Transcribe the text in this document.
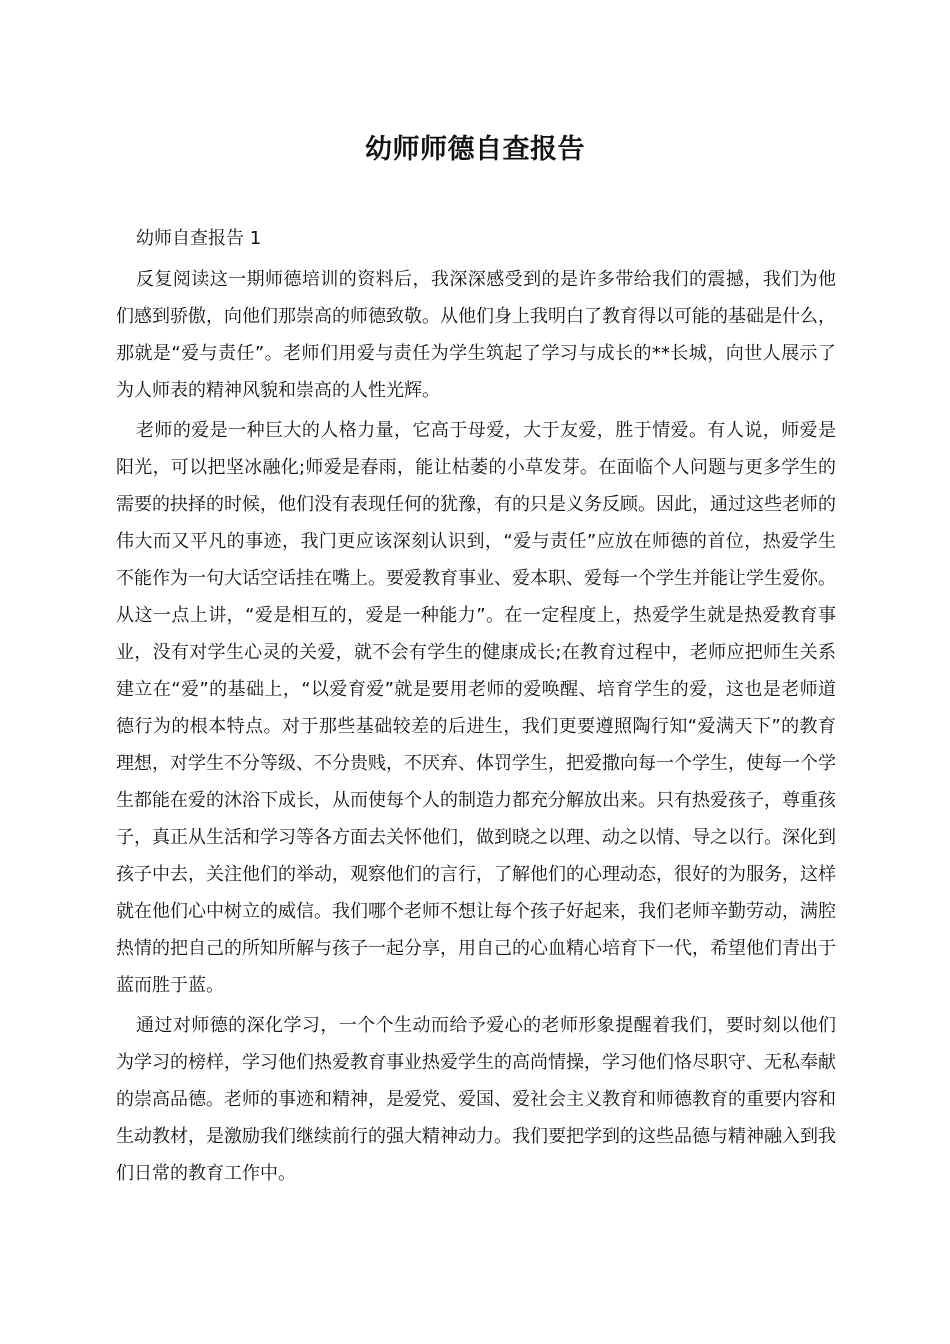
幼师师德自查报告
幼师自查报告 1

反复阅读这一期师德培训的资料后，我深深感受到的是许多带给我们的震撼，我们为他们感到骄傲，向他们那崇高的师德致敬。从他们身上我明白了教育得以可能的基础是什么，那就是“爱与责任”。老师们用爱与责任为学生筑起了学习与成长的**长城，向世人展示了为人师表的精神风貌和崇高的人性光辉。

老师的爱是一种巨大的人格力量，它高于母爱，大于友爱，胜于情爱。有人说，师爱是阳光，可以把坚冰融化;师爱是春雨，能让枯萎的小草发芽。在面临个人问题与更多学生的需要的抉择的时候，他们没有表现任何的犹豫，有的只是义务反顾。因此，通过这些老师的伟大而又平凡的事迹，我门更应该深刻认识到，“爱与责任”应放在师德的首位，热爱学生不能作为一句大话空话挂在嘴上。要爱教育事业、爱本职、爱每一个学生并能让学生爱你。从这一点上讲，“爱是相互的，爱是一种能力”。在一定程度上，热爱学生就是热爱教育事业，没有对学生心灵的关爱，就不会有学生的健康成长;在教育过程中，老师应把师生关系建立在“爱”的基础上，“以爱育爱”就是要用老师的爱唤醒、培育学生的爱，这也是老师道德行为的根本特点。对于那些基础较差的后进生，我们更要遵照陶行知“爱满天下”的教育理想，对学生不分等级、不分贵贱，不厌弃、体罚学生，把爱撒向每一个学生，使每一个学生都能在爱的沐浴下成长，从而使每个人的制造力都充分解放出来。只有热爱孩子，尊重孩子，真正从生活和学习等各方面去关怀他们，做到晓之以理、动之以情、导之以行。深化到孩子中去，关注他们的举动，观察他们的言行，了解他们的心理动态，很好的为服务，这样就在他们心中树立的威信。我们哪个老师不想让每个孩子好起来，我们老师辛勤劳动，满腔热情的把自己的所知所解与孩子一起分享，用自己的心血精心培育下一代，希望他们青出于蓝而胜于蓝。

通过对师德的深化学习，一个个生动而给予爱心的老师形象提醒着我们，要时刻以他们为学习的榜样，学习他们热爱教育事业热爱学生的高尚情操，学习他们恪尽职守、无私奉献的崇高品德。老师的事迹和精神，是爱党、爱国、爱社会主义教育和师德教育的重要内容和生动教材，是激励我们继续前行的强大精神动力。我们要把学到的这些品德与精神融入到我们日常的教育工作中。
